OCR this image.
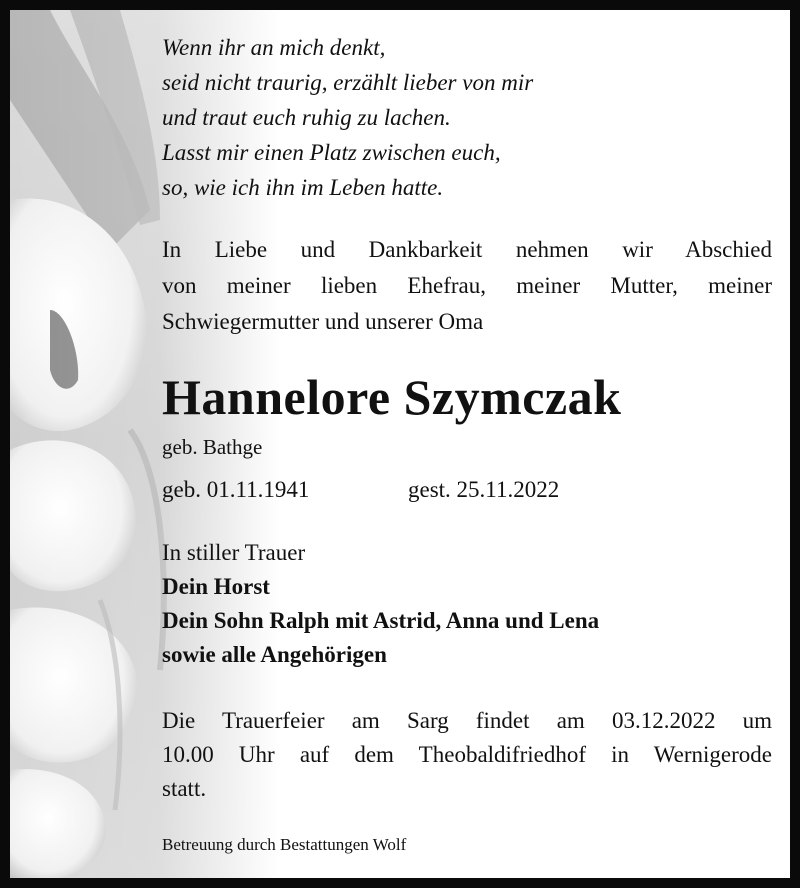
Wenn ihr an mich denkt,
seid nicht traurig, erzählt lieber von mir
und traut euch ruhig zu lachen.
Lasst mir einen Platz zwischen euch,
so, wie ich ihn im Leben hatte.
In Liebe und Dankbarkeit nehmen wir Abschied
von meiner lieben Ehefrau, meiner Mutter, meiner
Schwiegermutter und unserer Oma
Hannelore Szymczak
geb. Bathge
geb. 01.11.1941	gest. 25.11.2022
In stiller Trauer
Dein Horst
Dein Sohn Ralph mit Astrid, Anna und Lena
sowie alle Angehörigen
Die Trauerfeier am Sarg findet am 03.12.2022 um
10.00 Uhr auf dem Theobaldifriedhof in Wernigerode
statt.
Betreuung durch Bestattungen Wolf
